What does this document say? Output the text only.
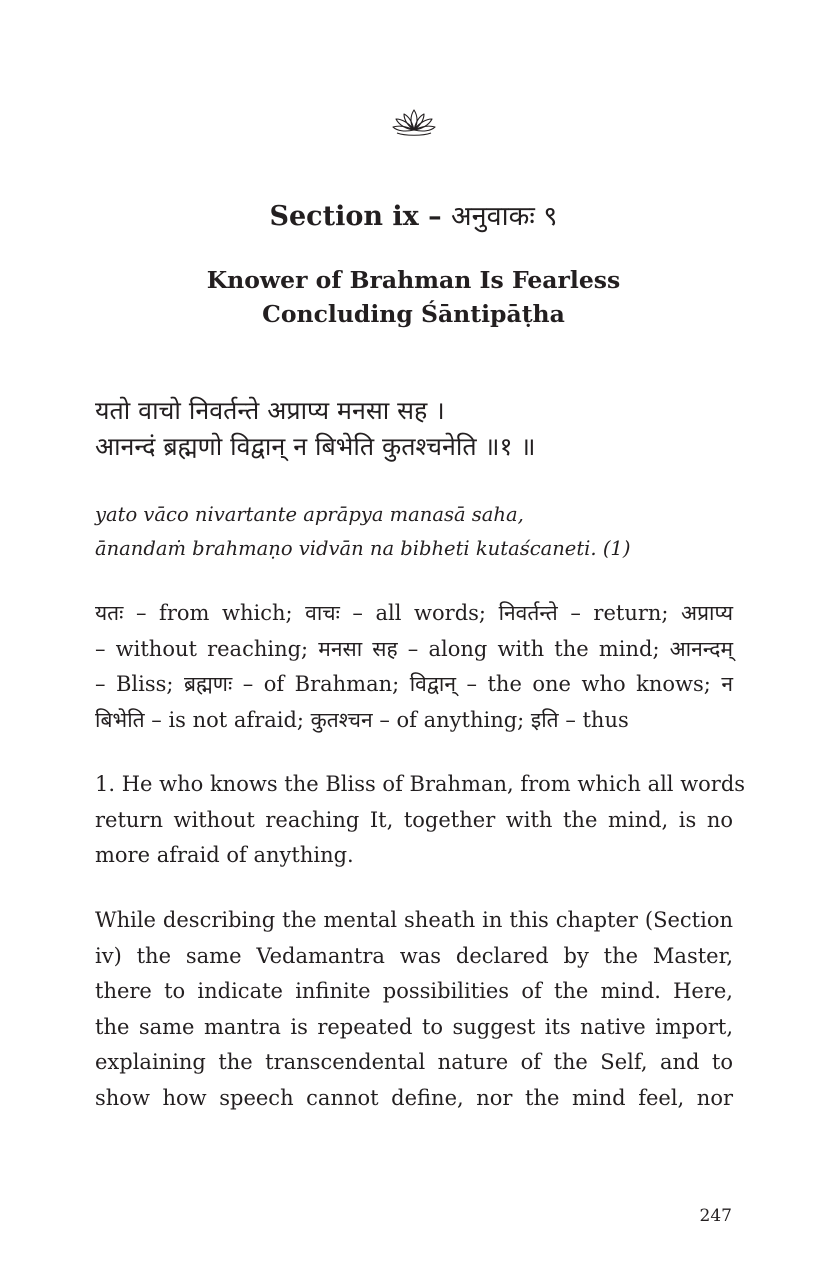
Section ix – अनुवाकः ९
Knower of Brahman Is Fearless
Concluding Śāntipāṭha
यतो वाचो निवर्तन्ते अप्राप्य मनसा सह ।
आनन्दं ब्रह्मणो विद्वान् न बिभेति कुतश्चनेति ॥१ ॥
yato vāco nivartante aprāpya manasā saha,
ānandaṁ brahmaṇo vidvān na bibheti kutaścaneti. (1)
यतः – from which; वाचः – all words; निवर्तन्ते – return; अप्राप्य
– without reaching; मनसा सह – along with the mind; आनन्दम्
– Bliss; ब्रह्मणः – of Brahman; विद्वान् – the one who knows; न
बिभेति – is not afraid; कुतश्चन – of anything; इति – thus
1. He who knows the Bliss of Brahman, from which all words
return without reaching It, together with the mind, is no
more afraid of anything.
While describing the mental sheath in this chapter (Section
iv) the same Vedamantra was declared by the Master,
there to indicate infinite possibilities of the mind. Here,
the same mantra is repeated to suggest its native import,
explaining the transcendental nature of the Self, and to
show how speech cannot define, nor the mind feel, nor
247
